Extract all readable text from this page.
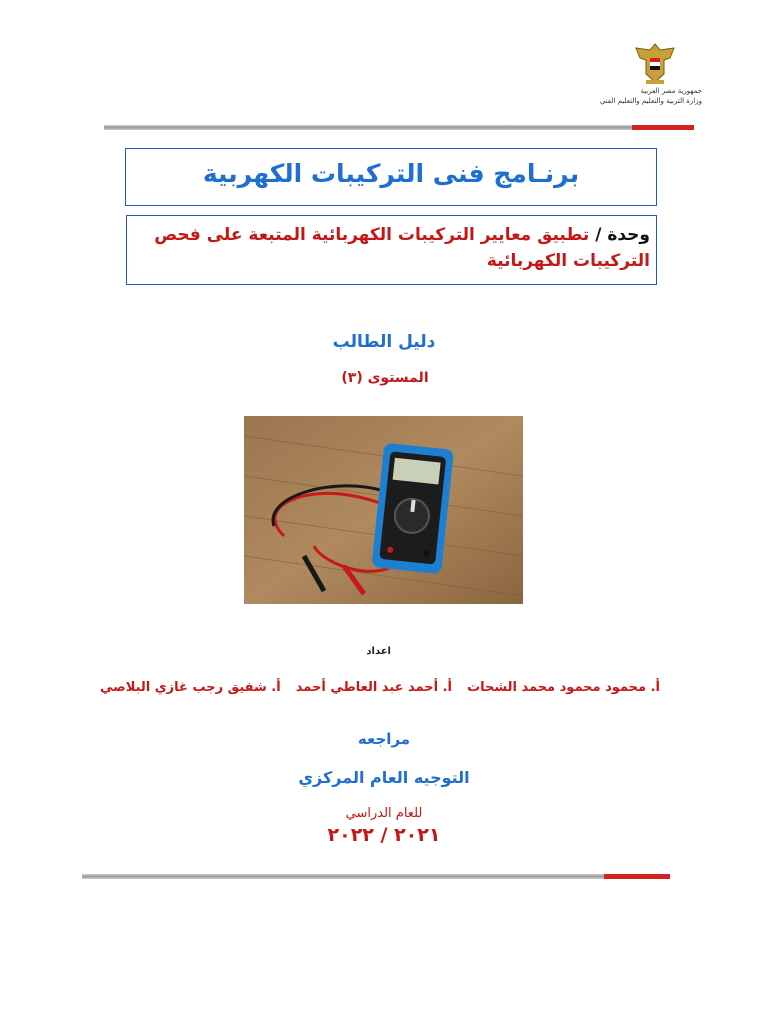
جمهورية مصر العربية
وزارة التربية والتعليم والتعليم الفني
برنـامج فنى التركيبات الكهربية
وحدة / تطبيق معايير التركيبات الكهربائية المتبعة على فحص التركيبات الكهربائية
دليل الطالب
المستوى (٣)
اعداد
أ. محمود محمود محمد الشحات
أ. أحمد عبد العاطي أحمد
أ. شفيق رجب غازي البلاصي
مراجعه
التوجيه العام المركزي
للعام الدراسي
٢٠٢١ / ٢٠٢٢
